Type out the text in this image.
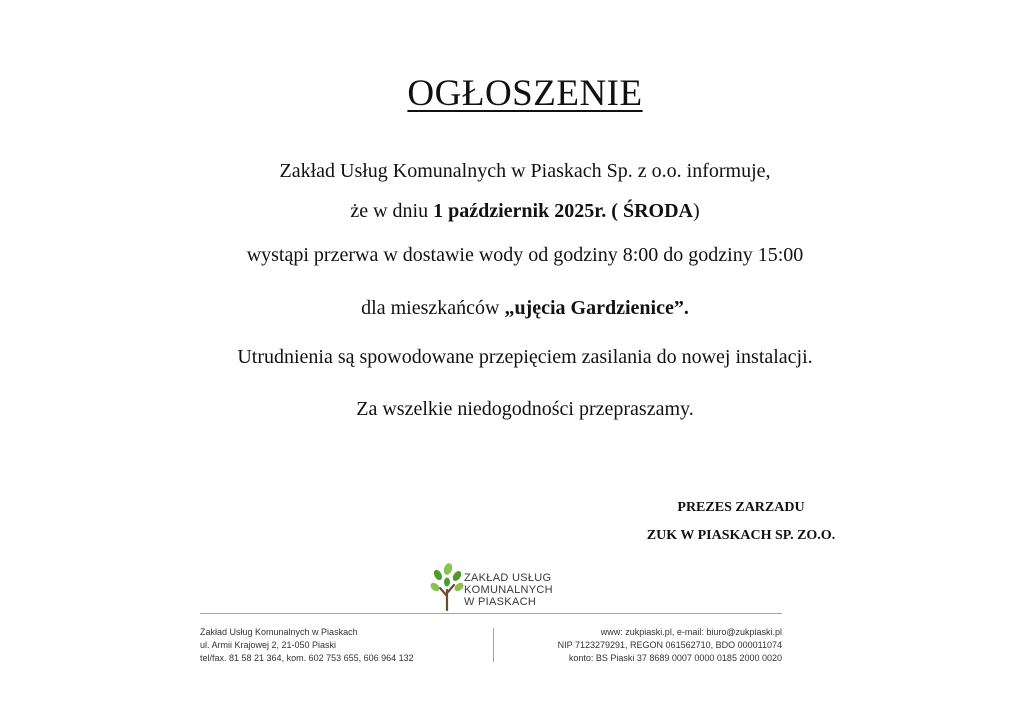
OGŁOSZENIE
Zakład Usług Komunalnych w Piaskach Sp. z o.o. informuje,
że w dniu 1 październik 2025r. ( ŚRODA)
wystąpi przerwa w dostawie wody od godziny 8:00 do godziny 15:00
dla mieszkańców „ujęcia Gardzienice”.
Utrudnienia są spowodowane przepięciem zasilania do nowej instalacji.
Za wszelkie niedogodności przepraszamy.
PREZES ZARZADU
ZUK W PIASKACH SP. ZO.O.
ZAKŁAD USŁUG
KOMUNALNYCH
W PIASKACH
Zakład Usług Komunalnych w Piaskach
ul. Armii Krajowej 2, 21-050 Piaski
tel/fax. 81 58 21 364, kom. 602 753 655, 606 964 132
www: zukpiaski.pl, e-mail: biuro@zukpiaski.pl
NIP 7123279291, REGON 061562710, BDO 000011074
konto: BS Piaski 37 8689 0007 0000 0185 2000 0020
